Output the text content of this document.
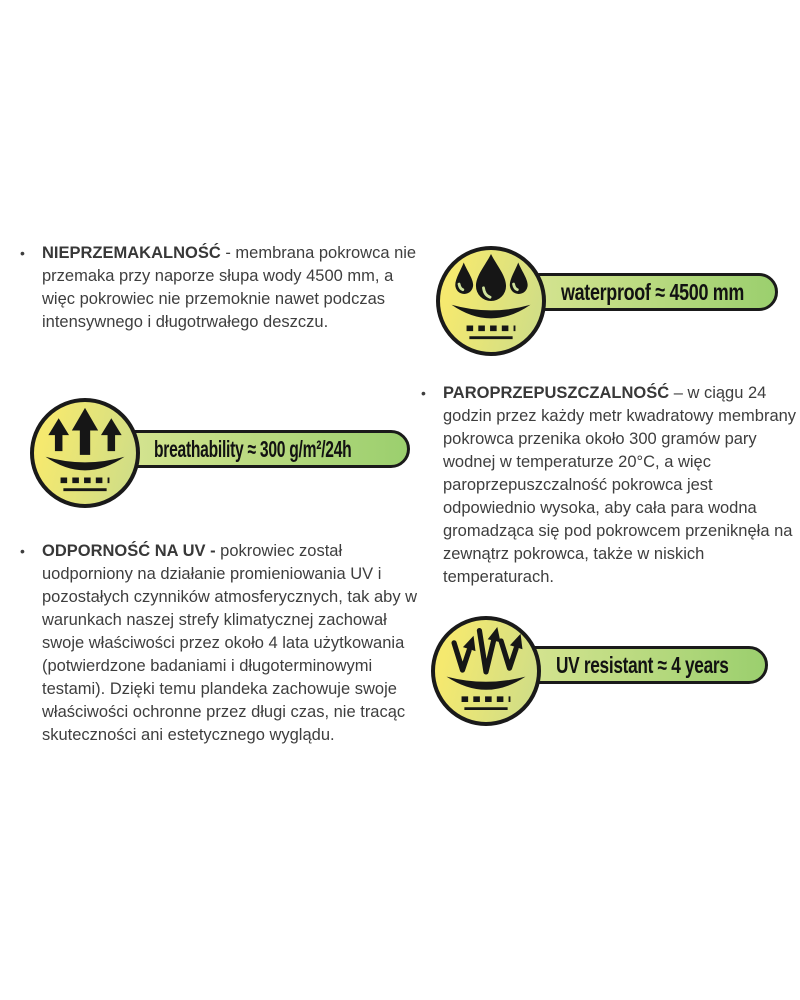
•	NIEPRZEMAKALNOŚĆ - membrana pokrowca nie przemaka przy naporze słupa wody 4500 mm, a więc pokrowiec nie przemoknie nawet podczas intensywnego i długotrwałego deszczu.

waterproof ≈ 4500 mm
breathability ≈ 300 g/m²/24h
•	PAROPRZEPUSZCZALNOŚĆ – w ciągu 24 godzin przez każdy metr kwadratowy membrany pokrowca przenika około 300 gramów pary wodnej w temperaturze 20°C, a więc paroprzepuszczalność pokrowca jest odpowiednio wysoka, aby cała para wodna gromadząca się pod pokrowcem przeniknęła na zewnątrz pokrowca, także w niskich temperaturach.

•	ODPORNOŚĆ NA UV - pokrowiec został uodporniony na działanie promieniowania UV i pozostałych czynników atmosferycznych, tak aby w warunkach naszej strefy klimatycznej zachował swoje właściwości przez około 4 lata użytkowania (potwierdzone badaniami i długoterminowymi testami). Dzięki temu plandeka zachowuje swoje właściwości ochronne przez długi czas, nie tracąc skuteczności ani estetycznego wyglądu.

UV resistant ≈ 4 years
